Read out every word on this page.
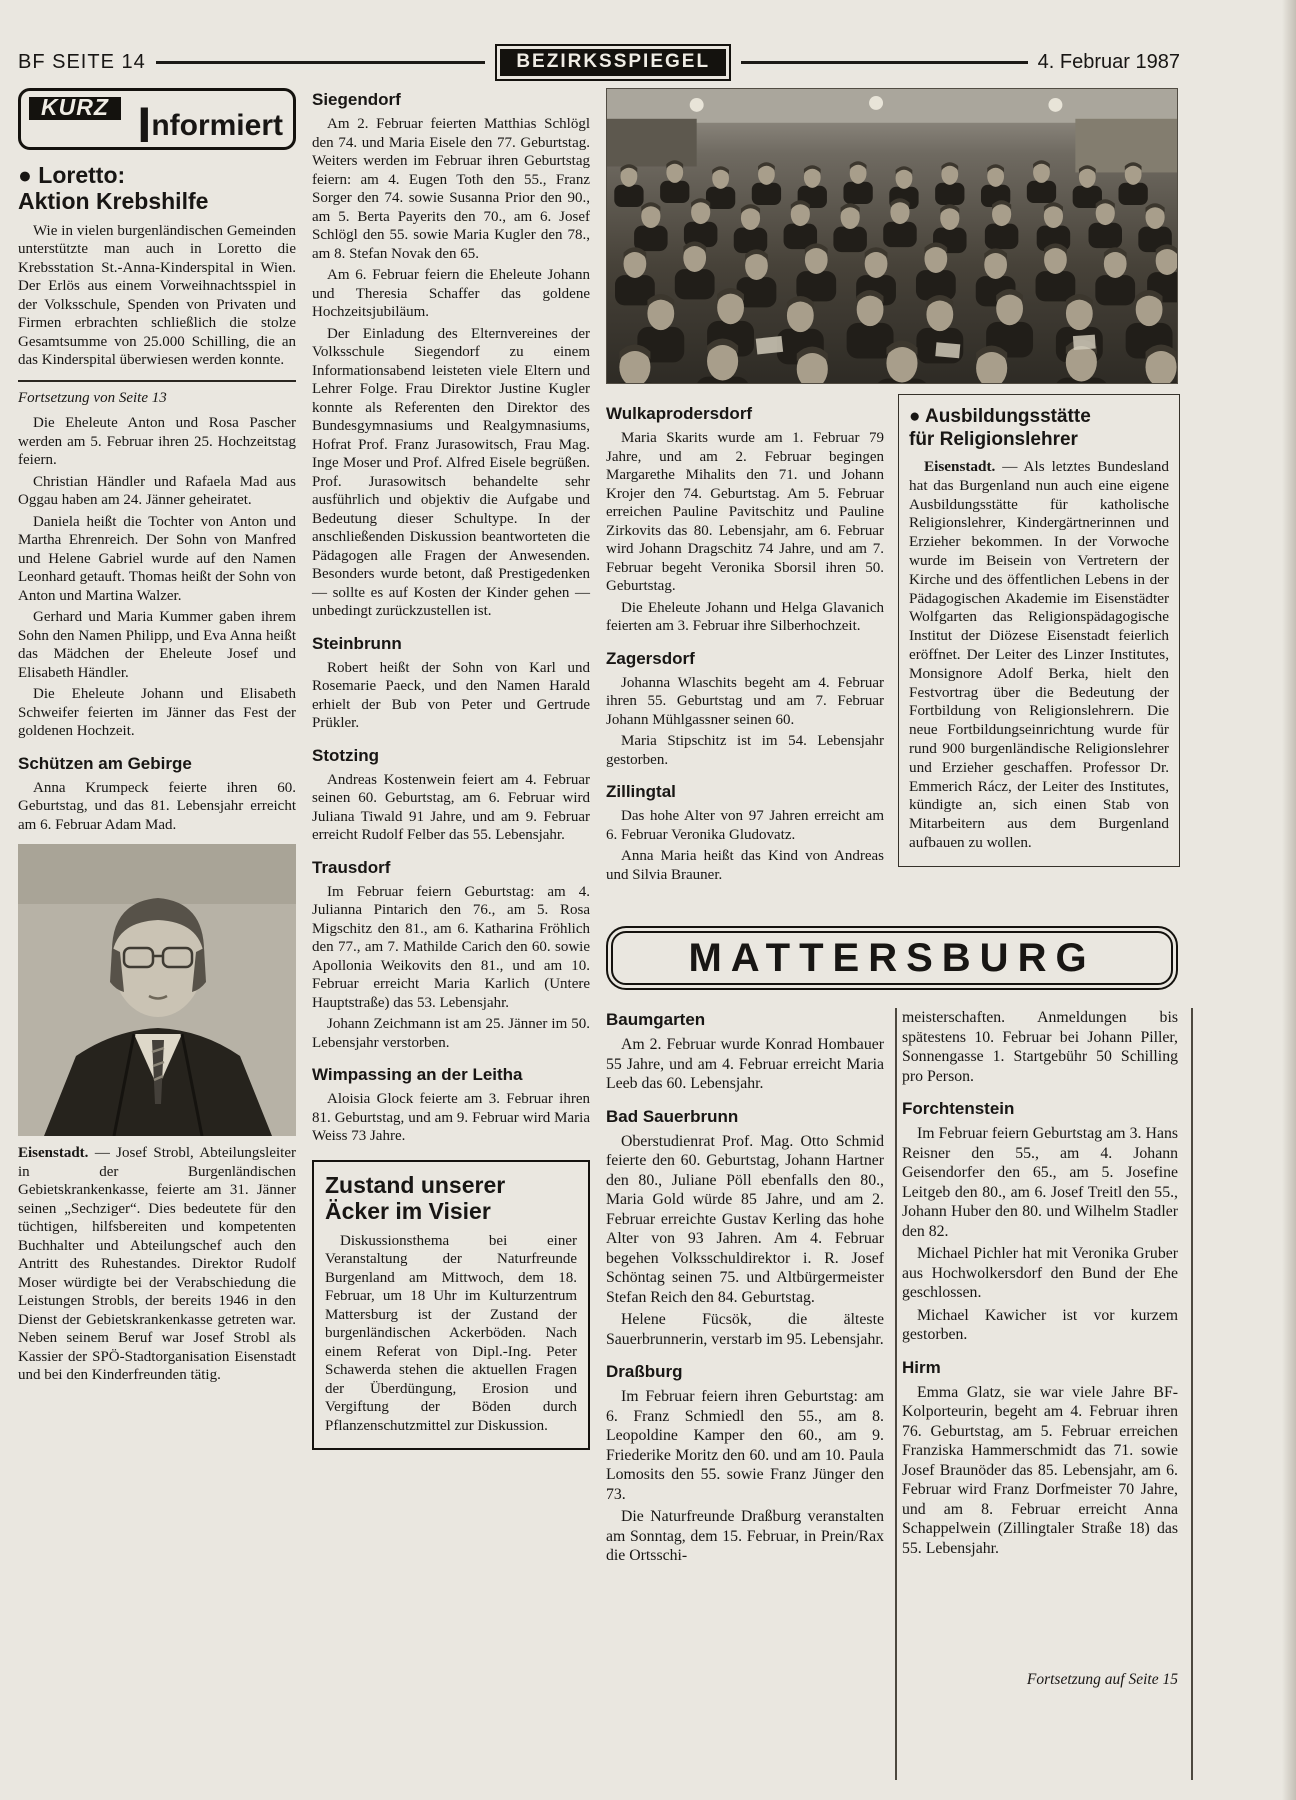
BF SEITE 14	BEZIRKSSPIEGEL	4. Februar 1987
KURZ Informiert
● Loretto:
Aktion Krebshilfe

Wie in vielen burgenländischen Gemeinden unterstützte man auch in Loretto die Krebsstation St.-Anna-Kinderspital in Wien. Der Erlös aus einem Vorweihnachtsspiel in der Volksschule, Spenden von Privaten und Firmen erbrachten schließlich die stolze Gesamtsumme von 25.000 Schilling, die an das Kinderspital überwiesen werden konnte.

Fortsetzung von Seite 13

Die Eheleute Anton und Rosa Pascher werden am 5. Februar ihren 25. Hochzeitstag feiern.

Christian Händler und Rafaela Mad aus Oggau haben am 24. Jänner geheiratet.

Daniela heißt die Tochter von Anton und Martha Ehrenreich. Der Sohn von Manfred und Helene Gabriel wurde auf den Namen Leonhard getauft. Thomas heißt der Sohn von Anton und Martina Walzer.

Gerhard und Maria Kummer gaben ihrem Sohn den Namen Philipp, und Eva Anna heißt das Mädchen der Eheleute Josef und Elisabeth Händler.

Die Eheleute Johann und Elisabeth Schweifer feierten im Jänner das Fest der goldenen Hochzeit.

Schützen am Gebirge

Anna Krumpeck feierte ihren 60. Geburtstag, und das 81. Lebensjahr erreicht am 6. Februar Adam Mad.

Eisenstadt. — Josef Strobl, Abteilungsleiter in der Burgenländischen Gebietskrankenkasse, feierte am 31. Jänner seinen „Sechziger“. Dies bedeutete für den tüchtigen, hilfsbereiten und kompetenten Buchhalter und Abteilungschef auch den Antritt des Ruhestandes. Direktor Rudolf Moser würdigte bei der Verabschiedung die Leistungen Strobls, der bereits 1946 in den Dienst der Gebietskrankenkasse getreten war. Neben seinem Beruf war Josef Strobl als Kassier der SPÖ-Stadtorganisation Eisenstadt und bei den Kinderfreunden tätig.

Siegendorf

Am 2. Februar feierten Matthias Schlögl den 74. und Maria Eisele den 77. Geburtstag. Weiters werden im Februar ihren Geburtstag feiern: am 4. Eugen Toth den 55., Franz Sorger den 74. sowie Susanna Prior den 90., am 5. Berta Payerits den 70., am 6. Josef Schlögl den 55. sowie Maria Kugler den 78., am 8. Stefan Novak den 65.

Am 6. Februar feiern die Eheleute Johann und Theresia Schaffer das goldene Hochzeitsjubiläum.

Der Einladung des Elternvereines der Volksschule Siegendorf zu einem Informationsabend leisteten viele Eltern und Lehrer Folge. Frau Direktor Justine Kugler konnte als Referenten den Direktor des Bundesgymnasiums und Realgymnasiums, Hofrat Prof. Franz Jurasowitsch, Frau Mag. Inge Moser und Prof. Alfred Eisele begrüßen. Prof. Jurasowitsch behandelte sehr ausführlich und objektiv die Aufgabe und Bedeutung dieser Schultype. In der anschließenden Diskussion beantworteten die Pädagogen alle Fragen der Anwesenden. Besonders wurde betont, daß Prestigedenken — sollte es auf Kosten der Kinder gehen — unbedingt zurückzustellen ist.

Steinbrunn

Robert heißt der Sohn von Karl und Rosemarie Paeck, und den Namen Harald erhielt der Bub von Peter und Gertrude Prükler.

Stotzing

Andreas Kostenwein feiert am 4. Februar seinen 60. Geburtstag, am 6. Februar wird Juliana Tiwald 91 Jahre, und am 9. Februar erreicht Rudolf Felber das 55. Lebensjahr.

Trausdorf

Im Februar feiern Geburtstag: am 4. Julianna Pintarich den 76., am 5. Rosa Migschitz den 81., am 6. Katharina Fröhlich den 77., am 7. Mathilde Carich den 60. sowie Apollonia Weikovits den 81., und am 10. Februar erreicht Maria Karlich (Untere Hauptstraße) das 53. Lebensjahr.

Johann Zeichmann ist am 25. Jänner im 50. Lebensjahr verstorben.

Wimpassing an der Leitha

Aloisia Glock feierte am 3. Februar ihren 81. Geburtstag, und am 9. Februar wird Maria Weiss 73 Jahre.

Zustand unserer
Äcker im Visier

Diskussionsthema bei einer Veranstaltung der Naturfreunde Burgenland am Mittwoch, dem 18. Februar, um 18 Uhr im Kulturzentrum Mattersburg ist der Zustand der burgenländischen Ackerböden. Nach einem Referat von Dipl.-Ing. Peter Schawerda stehen die aktuellen Fragen der Überdüngung, Erosion und Vergiftung der Böden durch Pflanzenschutzmittel zur Diskussion.

Wulkaprodersdorf

Maria Skarits wurde am 1. Februar 79 Jahre, und am 2. Februar begingen Margarethe Mihalits den 71. und Johann Krojer den 74. Geburtstag. Am 5. Februar erreichen Pauline Pavitschitz und Pauline Zirkovits das 80. Lebensjahr, am 6. Februar wird Johann Dragschitz 74 Jahre, und am 7. Februar begeht Veronika Sborsil ihren 50. Geburtstag.

Die Eheleute Johann und Helga Glavanich feierten am 3. Februar ihre Silberhochzeit.

Zagersdorf

Johanna Wlaschits begeht am 4. Februar ihren 55. Geburtstag und am 7. Februar Johann Mühlgassner seinen 60.

Maria Stipschitz ist im 54. Lebensjahr gestorben.

Zillingtal

Das hohe Alter von 97 Jahren erreicht am 6. Februar Veronika Gludovatz.

Anna Maria heißt das Kind von Andreas und Silvia Brauner.

● Ausbildungsstätte
für Religionslehrer

Eisenstadt. — Als letztes Bundesland hat das Burgenland nun auch eine eigene Ausbildungsstätte für katholische Religionslehrer, Kindergärtnerinnen und Erzieher bekommen. In der Vorwoche wurde im Beisein von Vertretern der Kirche und des öffentlichen Lebens in der Pädagogischen Akademie im Eisenstädter Wolfgarten das Religionspädagogische Institut der Diözese Eisenstadt feierlich eröffnet. Der Leiter des Linzer Institutes, Monsignore Adolf Berka, hielt den Festvortrag über die Bedeutung der Fortbildung von Religionslehrern. Die neue Fortbildungseinrichtung wurde für rund 900 burgenländische Religionslehrer und Erzieher geschaffen. Professor Dr. Emmerich Rácz, der Leiter des Institutes, kündigte an, sich einen Stab von Mitarbeitern aus dem Burgenland aufbauen zu wollen.

MATTERSBURG
Baumgarten

Am 2. Februar wurde Konrad Hombauer 55 Jahre, und am 4. Februar erreicht Maria Leeb das 60. Lebensjahr.

Bad Sauerbrunn

Oberstudienrat Prof. Mag. Otto Schmid feierte den 60. Geburtstag, Johann Hartner den 80., Juliane Pöll ebenfalls den 80., Maria Gold würde 85 Jahre, und am 2. Februar erreichte Gustav Kerling das hohe Alter von 93 Jahren. Am 4. Februar begehen Volksschuldirektor i. R. Josef Schöntag seinen 75. und Altbürgermeister Stefan Reich den 84. Geburtstag.

Helene Fücsök, die älteste Sauerbrunnerin, verstarb im 95. Lebensjahr.

Draßburg

Im Februar feiern ihren Geburtstag: am 6. Franz Schmiedl den 55., am 8. Leopoldine Kamper den 60., am 9. Friederike Moritz den 60. und am 10. Paula Lomosits den 55. sowie Franz Jünger den 73.

Die Naturfreunde Draßburg veranstalten am Sonntag, dem 15. Februar, in Prein/Rax die Ortsschi-

meisterschaften. Anmeldungen bis spätestens 10. Februar bei Johann Piller, Sonnengasse 1. Startgebühr 50 Schilling pro Person.

Forchtenstein

Im Februar feiern Geburtstag am 3. Hans Reisner den 55., am 4. Johann Geisendorfer den 65., am 5. Josefine Leitgeb den 80., am 6. Josef Treitl den 55., Johann Huber den 80. und Wilhelm Stadler den 82.

Michael Pichler hat mit Veronika Gruber aus Hochwolkersdorf den Bund der Ehe geschlossen.

Michael Kawicher ist vor kurzem gestorben.

Hirm

Emma Glatz, sie war viele Jahre BF-Kolporteurin, begeht am 4. Februar ihren 76. Geburtstag, am 5. Februar erreichen Franziska Hammerschmidt das 71. sowie Josef Braunöder das 85. Lebensjahr, am 6. Februar wird Franz Dorfmeister 70 Jahre, und am 8. Februar erreicht Anna Schappelwein (Zillingtaler Straße 18) das 55. Lebensjahr.

Fortsetzung auf Seite 15
